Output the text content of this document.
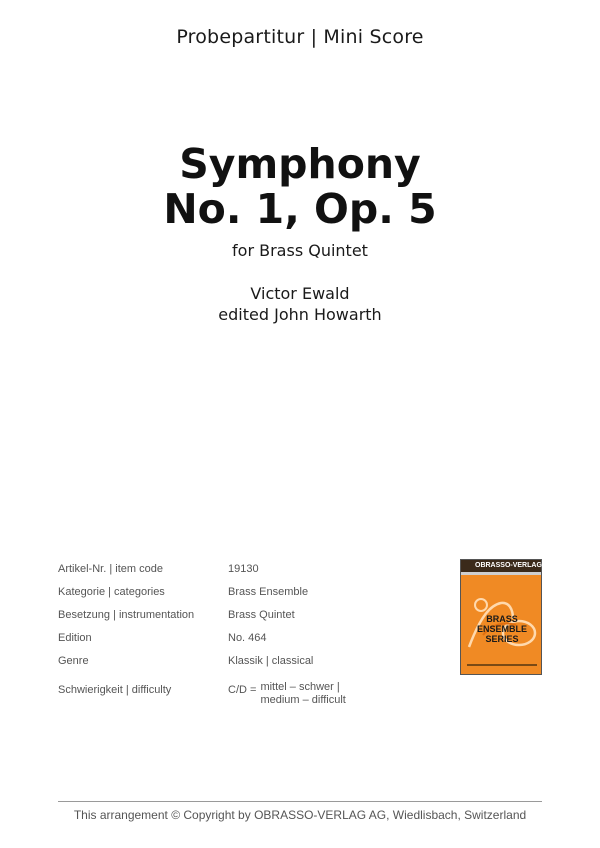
Probepartitur | Mini Score
Symphony
No. 1, Op. 5
for Brass Quintet
Victor Ewald
edited John Howarth
Artikel-Nr. | item code	19130
Kategorie | categories	Brass Ensemble
Besetzung | instrumentation	Brass Quintet
Edition	No. 464
Genre	Klassik | classical
Schwierigkeit | difficulty	C/D = mittel – schwer |
medium – difficult
OBRASSO-VERLAG AG
BRASS
ENSEMBLE
SERIES
This arrangement © Copyright by OBRASSO-VERLAG AG, Wiedlisbach, Switzerland
